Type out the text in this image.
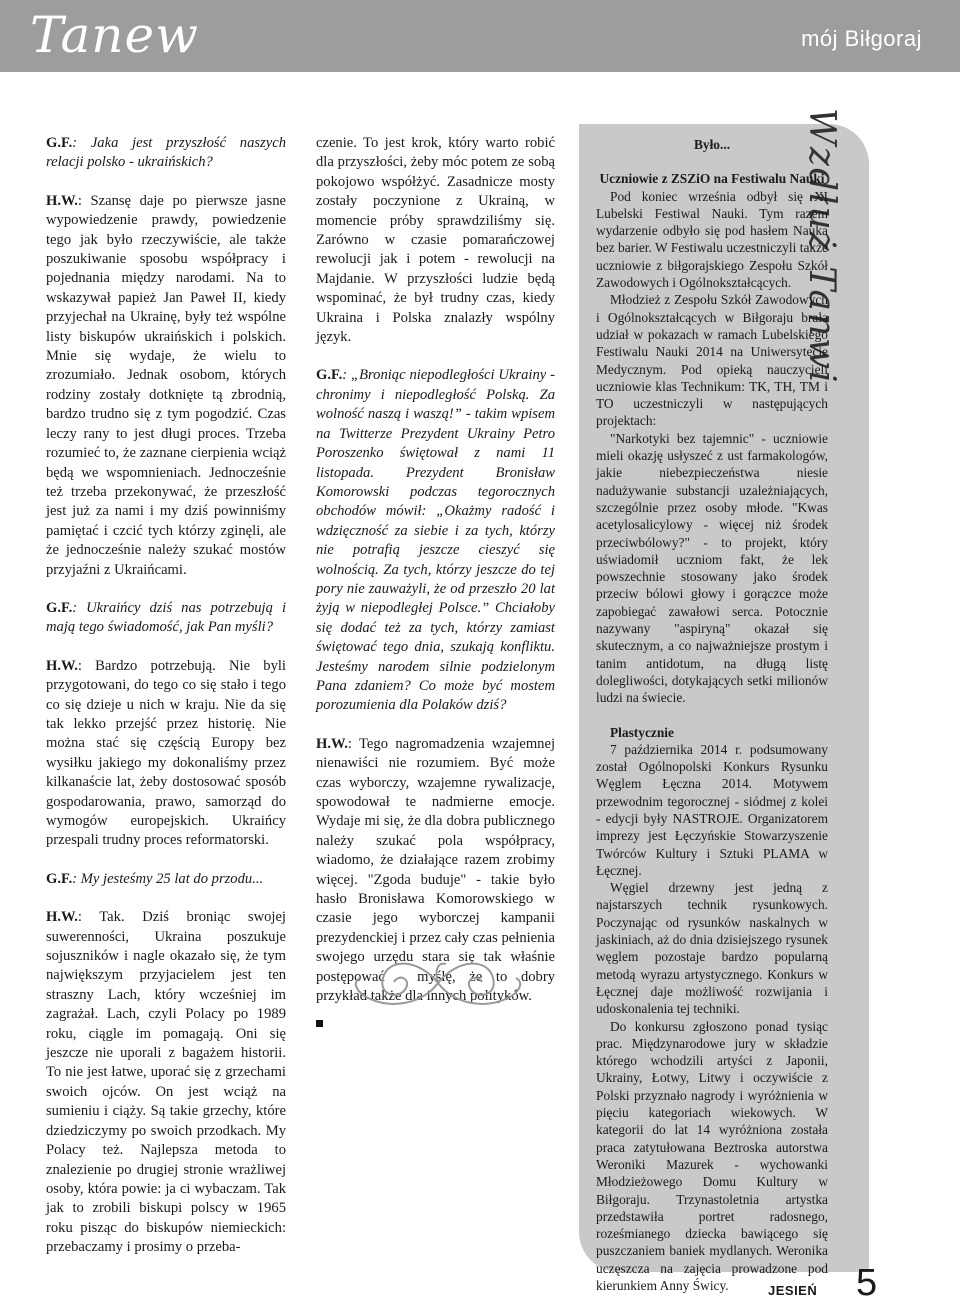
Tanew	mój Biłgoraj

G.F.: Jaka jest przyszłość naszych relacji polsko - ukraińskich?

H.W.: Szansę daje po pierwsze jasne wypowiedzenie prawdy, powiedzenie tego jak było rzeczywiście, ale także poszukiwanie sposobu współpracy i pojednania między narodami. Na to wskazywał papież Jan Paweł II, kiedy przyjechał na Ukrainę, były też wspólne listy biskupów ukraińskich i polskich. Mnie się wydaje, że wielu to zrozumiało. Jednak osobom, których rodziny zostały dotknięte tą zbrodnią, bardzo trudno się z tym pogodzić. Czas leczy rany to jest długi proces. Trzeba rozumieć to, że zaznane cierpienia wciąż będą we wspomnieniach. Jednocześnie też trzeba przekonywać, że przeszłość jest już za nami i my dziś powinniśmy pamiętać i czcić tych którzy zginęli, ale że jednocześnie należy szukać mostów przyjaźni z Ukraińcami.

G.F.: Ukraińcy dziś nas potrzebują i mają tego świadomość, jak Pan myśli?

H.W.: Bardzo potrzebują. Nie byli przygotowani, do tego co się stało i tego co się dzieje u nich w kraju. Nie da się tak lekko przejść przez historię. Nie można stać się częścią Europy bez wysiłku jakiego my dokonaliśmy przez kilkanaście lat, żeby dostosować sposób gospodarowania, prawo, samorząd do wymogów europejskich. Ukraińcy przespali trudny proces reformatorski.

G.F.: My jesteśmy 25 lat do przodu...

H.W.: Tak. Dziś broniąc swojej suwerenności, Ukraina poszukuje sojuszników i nagle okazało się, że tym największym przyjacielem jest ten straszny Lach, który wcześniej im zagrażał. Lach, czyli Polacy po 1989 roku, ciągle im pomagają. Oni się jeszcze nie uporali z bagażem historii. To nie jest łatwe, uporać się z grzechami swoich ojców. On jest wciąż na sumieniu i ciąży. Są takie grzechy, które dziedziczymy po swoich przodkach. My Polacy też. Najlepsza metoda to znalezienie po drugiej stronie wrażliwej osoby, która powie: ja ci wybaczam. Tak jak to zrobili biskupi polscy w 1965 roku pisząc do biskupów niemieckich: przebaczamy i prosimy o przeba-

czenie. To jest krok, który warto robić dla przyszłości, żeby móc potem ze sobą pokojowo współżyć. Zasadnicze mosty zostały poczynione z Ukrainą, w momencie próby sprawdziliśmy się. Zarówno w czasie pomarańczowej rewolucji jak i potem - rewolucji na Majdanie. W przyszłości ludzie będą wspominać, że był trudny czas, kiedy Ukraina i Polska znalazły wspólny język.

G.F.: „Broniąc niepodległości Ukrainy - chronimy i niepodległość Polską. Za wolność naszą i waszą!” - takim wpisem na Twitterze Prezydent Ukrainy Petro Poroszenko świętował z nami 11 listopada. Prezydent Bronisław Komorowski podczas tegorocznych obchodów mówił: „Okażmy radość i wdzięczność za siebie i za tych, którzy nie potrafią jeszcze cieszyć się wolnością. Za tych, którzy jeszcze do tej pory nie zauważyli, że od przeszło 20 lat żyją w niepodległej Polsce.” Chciałoby się dodać też za tych, którzy zamiast świętować tego dnia, szukają konfliktu. Jesteśmy narodem silnie podzielonym Pana zdaniem? Co może być mostem porozumienia dla Polaków dziś?

H.W.: Tego nagromadzenia wzajemnej nienawiści nie rozumiem. Być może czas wyborczy, wzajemne rywalizacje, spowodował te nadmierne emocje. Wydaje mi się, że dla dobra publicznego należy szukać pola współpracy, wiadomo, że działające razem zrobimy więcej. "Zgoda buduje" - takie było hasło Bronisława Komorowskiego w czasie jego wyborczej kampanii prezydenckiej i przez cały czas pełnienia swojego urzędu stara się tak właśnie postępować - myślę, że to dobry przykład także dla innych polityków.

Wzdłuż Tanwi
Było...
Uczniowie z ZSZiO na Festiwalu Nauki

Pod koniec września odbył się XI Lubelski Festiwal Nauki. Tym razem wydarzenie odbyło się pod hasłem Nauka bez barier. W Festiwalu uczestniczyli także uczniowie z biłgorajskiego Zespołu Szkół Zawodowych i Ogólnokształcących.

Młodzież z Zespołu Szkół Zawodowych i Ogólnokształcących w Biłgoraju brała udział w pokazach w ramach Lubelskiego Festiwalu Nauki 2014 na Uniwersytecie Medycznym. Pod opieką nauczycieli uczniowie klas Technikum: TK, TH, TM i TO uczestniczyli w następujących projektach:

"Narkotyki bez tajemnic" - uczniowie mieli okazję usłyszeć z ust farmakologów, jakie niebezpieczeństwa niesie nadużywanie substancji uzależniających, szczególnie przez osoby młode. "Kwas acetylosalicylowy - więcej niż środek przeciwbólowy?" - to projekt, który uświadomił uczniom fakt, że lek powszechnie stosowany jako środek przeciw bólowi głowy i gorączce może zapobiegać zawałowi serca. Potocznie nazywany "aspiryną" okazał się skutecznym, a co najważniejsze prostym i tanim antidotum, na długą listę dolegliwości, dotykających setki milionów ludzi na świecie.

Plastycznie

7 października 2014 r. podsumowany został Ogólnopolski Konkurs Rysunku Węglem Łęczna 2014. Motywem przewodnim tegorocznej - siódmej z kolei - edycji były NASTROJE. Organizatorem imprezy jest Łęczyńskie Stowarzyszenie Twórców Kultury i Sztuki PLAMA w Łęcznej.

Węgiel drzewny jest jedną z najstarszych technik rysunkowych. Poczynając od rysunków naskalnych w jaskiniach, aż do dnia dzisiejszego rysunek węglem pozostaje bardzo popularną metodą wyrazu artystycznego. Konkurs w Łęcznej daje możliwość rozwijania i udoskonalenia tej techniki.

Do konkursu zgłoszono ponad tysiąc prac. Międzynarodowe jury w składzie którego wchodzili artyści z Japonii, Ukrainy, Łotwy, Litwy i oczywiście z Polski przyznało nagrody i wyróżnienia w pięciu kategoriach wiekowych. W kategorii do lat 14 wyróżniona została praca zatytułowana Beztroska autorstwa Weroniki Mazurek - wychowanki Młodzieżowego Domu Kultury w Biłgoraju. Trzynastoletnia artystka przedstawiła portret radosnego, roześmianego dziecka bawiącego się puszczaniem baniek mydlanych. Weronika uczęszcza na zajęcia prowadzone pod kierunkiem Anny Świcy.	JESIEŃ 5
